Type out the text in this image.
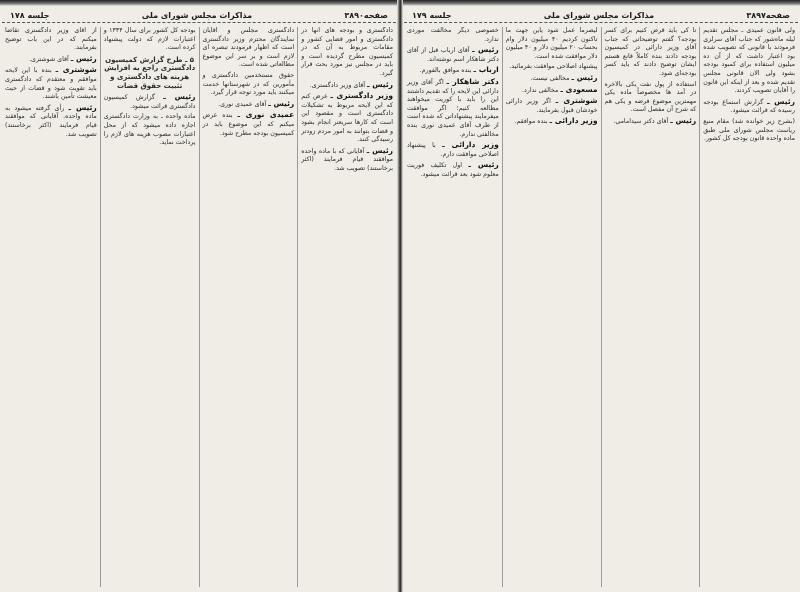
صفحه۳۸۹۰
مذاکرات مجلس شورای ملی
جلسه ۱۷۸

دادگستری و بودجه های آنها در دادگستری و امور قضایی کشور و مقامات مربوط به آن که در کمیسیون مطرح گردیده است و باید در مجلس نیز مورد بحث قرار گیرد.

رئیس ـ آقای وزیر دادگستری.

وزیر دادگستری ـ عرض کنم که این لایحه مربوط به تشکیلات دادگستری است و مقصود این است که کارها سریعتر انجام بشود و قضات بتوانند به امور مردم زودتر رسیدگی کنند.

رئیس ـ آقایانی که با ماده واحده موافقند قیام فرمایند (اکثر برخاستند) تصویب شد.

دادگستری مجلس و آقایان نمایندگان محترم وزیر دادگستری است که اظهار فرمودند تبصره ای لازم است و بر سر این موضوع مطالعاتی شده است.

حقوق مستخدمین دادگستری و مأمورین که در شهرستانها خدمت میکنند باید مورد توجه قرار گیرد.

رئیس ـ آقای عمیدی نوری.

عمیدی نوری ـ بنده عرض میکنم که این موضوع باید در کمیسیون بودجه مطرح شود.

بودجه کل کشور برای سال ۱۳۳۴ و اعتبارات لازم که دولت پیشنهاد کرده است.

۵ ـ طرح گزارش کمیسیون دادگستری راجع به افزایش هزینه های دادگستری و تثبیت حقوق قضات

رئیس ـ گزارش کمیسیون دادگستری قرائت میشود.

ماده واحده ـ به وزارت دادگستری اجازه داده میشود که از محل اعتبارات مصوب هزینه های لازم را پرداخت نماید.

از آقای وزیر دادگستری تقاضا میکنم که در این باب توضیح بفرمایند.

رئیس ـ آقای شوشتری.

شوشتری ـ بنده با این لایحه موافقم و معتقدم که دادگستری باید تقویت شود و قضات از حیث معیشت تأمین باشند.

رئیس ـ رأی گرفته میشود به ماده واحده. آقایانی که موافقند قیام فرمایند (اکثر برخاستند) تصویب شد.

صفحه۳۸۹۷
مذاکرات مجلس شورای ملی
جلسه ۱۷۹

ولی قانون عمیدی ـ مجلس تقدیم لیله ماه‌شور که جناب آقای سرلزی فرمودند با قانونی که تصویب شده بود اعتبار داشت که از آن ده میلیون استفاده برای کمبود بودجه بشود ولی الان قانونی مجلس تقدیم شده و بعد از اینکه این قانون را آقایان تصویب کردند.

رئیس ـ گزارش استماع بودجه رسیده که قرائت میشود.

(بشرح زیر خوانده شد) مقام منیع ریاست مجلس شورای ملی طبق ماده واحده قانون بودجه کل کشور.

تا کی باید قرض کنیم برای کسر بودجه؟ گفتم توضیحاتی که جناب آقای وزیر دارائی در کمیسیون بودجه دادند بنده کاملاً قانع هستم ایشان توضیح دادند که باید کسر بودجه‌ای شود.

استفاده از پول نفت یکی بالاخره در آمد ها مخصوصاً ماده یکی مهمترین موضوع فرضه و یکی هم که شرح آن مفصل است.

رئیس ـ آقای دکتر سیدامامی.

لیصرما عمل شود یاین جهت ما تاکنون کردیم ۴۰ میلیون دلار وام بحساب ۲۰ میلیون دلار و ۴۰ میلیون دلار موافقت شده است.

پیشنهاد اصلاحی موافقت بفرمائید.

رئیس ـ مخالفی نیست.

مسعودی ـ مخالفی ندارد.

شوشتری ـ اگر وزیر دارائی خودشان قبول بفرمایند.

وزیر دارائی ـ بنده موافقم.

خصوصی دیگر مخالفت موردی ندارد.

رئیس ـ آقای ارباب قبل از آقای دکتر شاهکار اسم نوشته‌اند.

ارباب ـ بنده موافق بالفورم.

دکتر شاهکار ـ اگر آقای وزیر دارائی این لایحه را که تقدیم داشتند این را باید با کوریت میخواهند مطالعه کنیم؛ اگر موافقت میفرمایند پیشنهاداتی که شده است از طرف آقای عمیدی نوری بنده مخالفتی ندارم.

وزیر دارائی ـ با پیشنهاد اصلاحی موافقت دارم.

رئیس ـ اول تکلیف فوریت معلوم شود بعد قرائت میشود.
